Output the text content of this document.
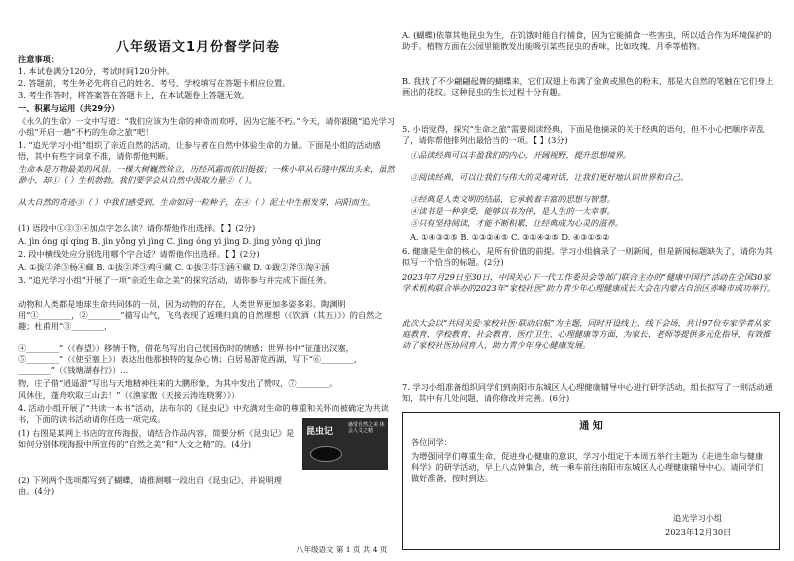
八年级语文1月份督学问卷
注意事项：
1. 本试卷满分120分，考试时间120分钟。
2. 答题前，考生务必先将自己的姓名、考号、学校填写在答题卡相应位置。
3. 考生作答时，将答案答在答题卡上，在本试题卷上答题无效。
一、积累与运用（共29分）
《永久的生命》一文中写道：“我们应该为生命的神奇而欢呼，因为它能不朽。”今天，请你跟随“追光学习小组”开启一趟“不朽的生命之旅”吧！
1. “追光学习小组”组织了亲近自然的活动，让参与者在自然中体验生命的力量。下面是小组的活动感悟，其中有些字词拿不准，请你帮他判断。
生命本是万物最美的风景。一棵大树巍然耸立，历经风霜而依旧挺拔；一株小草从石缝中探出头来，虽然渺小，却①（ ）生机勃勃。我们要学会从自然中汲取力量②（ ）。
从大自然的奇迹③（ ）中我们感受到，生命如同一粒种子，在④（ ）泥土中生根发芽，向阳而生。
(1) 语段中①②③④加点字怎么读？请你帮他作出选择。【 】(2分)
A. jìn óng qí qíng B. jìn yǒng yì jìng C. jìng óng yì jìng D. jìng yǒng qì jìng
2. 段中横线处应分别选用哪个字合适？请帮他作出选择。【 】(2分)
A. ①拔②斧③杨④藏 B. ①拔②斧③鸡④藏 C. ①拔②芬③涵④藏 D. ①跋②斧③淘④涵
3. “追光学习小组”开展了一项“亲近生命之美”的探究活动，请你参与并完成下面任务。
动物和人类都是地球生命共同体的一员，因为动物的存在，人类世界更加多姿多彩。陶渊明用“①________，②________”描写山气，飞鸟表现了返璞归真的自然理想（《饮酒（其五）》）的自然之趣；杜甫用“③________，
④________”（《春望》）移情于物，借花鸟写出自己忧国伤时的情感；世界书中“征蓬出汉塞，⑤________”（《使至塞上》）表达出他那独特的复杂心情；白居易游览西湖，写下“⑥________，________”（《钱塘湖春行》）...
物，庄子借“逍遥游”写出与天地精神往来的大鹏形象，为其中发出了赞叹，⑦________。
风休住，蓬舟吹取三山去！”（《渔家傲（天接云涛连晓雾）》）
4. 活动小组开展了“共读一本书”活动，法布尔的《昆虫记》中充满对生命的尊重和关怀而被确定为共读书，下面的读书活动请你任选一项完成。
(1) 右图是某网上书店的宣传海报，请结合作品内容，简要分析《昆虫记》是如何分别体现海报中所宣传的“自然之美”和“人文之精”的。(4分)
(2) 下列两个选项都写到了蝴蝶，请推测哪一段出自《昆虫记》，并说明理由。(4分)
昆虫记
感受自然之美 体会人文之精
A. (蝴蝶)依靠其他昆虫为生，在饥饿时能自行捕食，因为它能捕食一些害虫，所以适合作为环境保护的助手。植物方面在公园里能散发出能吸引某些昆虫的香味，比如玫瑰、月季等植物。
B. 我找了不少翩翩起舞的蝴蝶来，它们双翅上布满了金黄或黑色的粉末，那是大自然的笔触在它们身上画出的花纹。这种昆虫的生长过程十分有趣。
5. 小语觉得，探究“生命之旅”需要阅读经典，下面是他摘录的关于经典的语句，但不小心把顺序弄乱了，请你帮他排列出最恰当的一项。【 】(3分)
①品读经典可以丰盈我们的内心，开阔视野，提升思想境界。
②阅读经典，可以让我们与伟大的灵魂对话，让我们更好地认识世界和自己。
③经典是人类文明的结晶，它承载着丰富的思想与智慧。
④读书是一种享受，能够以书为伴，是人生的一大幸事。
⑤只有坚持阅读，才能不断积累，让经典成为心灵的滋养。
A. ①④③②⑤ B. ①③②④⑤ C. ③①④②⑤ D. ④③①⑤②
6. 健康是生命的核心，是所有价值的前提。学习小组摘录了一则新闻，但是新闻标题缺失了，请你为其拟写一个恰当的标题。(2分)
2023年7月29日至30日，中国关心下一代工作委员会等部门联合主办的“健康中国行”活动在全国30家学术机构联合举办的2023年“家校社医”助力青少年心理健康成长大会在内蒙古自治区赤峰市成功举行。
此次大会以“共同关爱·家校社医·联动启航”为主题，同时开设线上、线下会场，共计97位专家学者从家庭教育、学校教育、社会教育、医疗卫生、心理健康等方面，为家长、老师等提供多元化指导，有效推动了家校社医协同育人，助力青少年身心健康发展。
7. 学习小组准备组织同学们到南阳市东城区人心理健康辅导中心进行研学活动，组长拟写了一则活动通知，其中有几处问题，请你修改并完善。(6分)
通 知
各位同学：
为增强同学们尊重生命、促进身心健康的意识，学习小组定于本周五举行主题为《走进生命与健康科学》的研学活动，早上八点钟集合，统一乘车前往南阳市东城区人心理健康辅导中心。请同学们做好准备，按时到达。
追光学习小组
2023年12月30日
八年级语文 第 1 页 共 4 页
